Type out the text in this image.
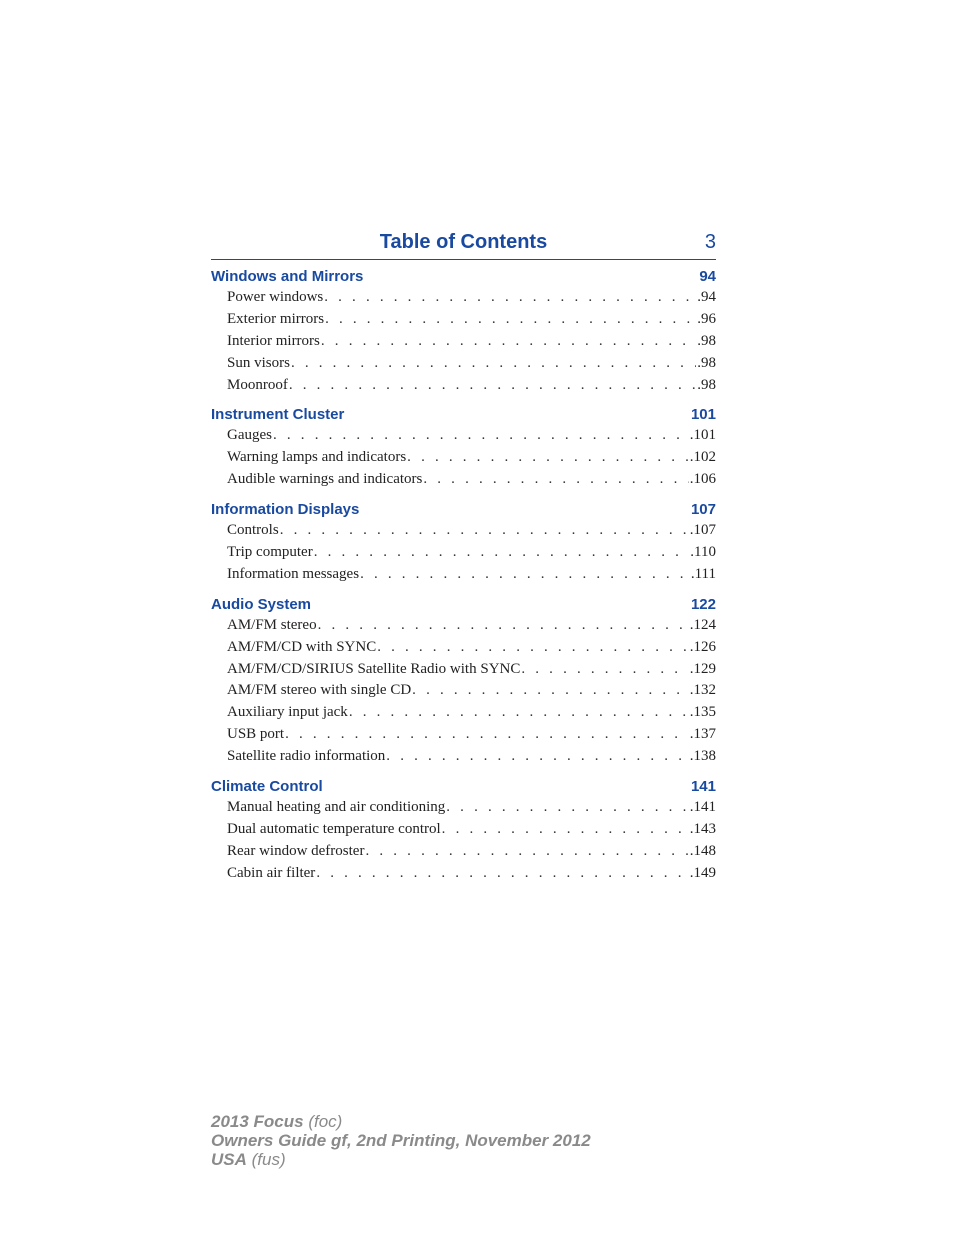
Table of Contents	3
Windows and Mirrors	94
Power windows . . .	.94
Exterior mirrors . . .	.96
Interior mirrors . . .	.98
Sun visors . . .	.98
Moonroof . . .	.98
Instrument Cluster	101
Gauges . . .	.101
Warning lamps and indicators . . .	.102
Audible warnings and indicators . . .	.106
Information Displays	107
Controls . . .	.107
Trip computer . . .	.110
Information messages . . .	.111
Audio System	122
AM/FM stereo . . .	.124
AM/FM/CD with SYNC . . .	.126
AM/FM/CD/SIRIUS Satellite Radio with SYNC . . .	.129
AM/FM stereo with single CD . . .	.132
Auxiliary input jack . . .	.135
USB port . . .	.137
Satellite radio information . . .	.138
Climate Control	141
Manual heating and air conditioning . . .	.141
Dual automatic temperature control . . .	.143
Rear window defroster . . .	.148
Cabin air filter . . .	.149
2013 Focus (foc)
Owners Guide gf, 2nd Printing, November 2012
USA (fus)
